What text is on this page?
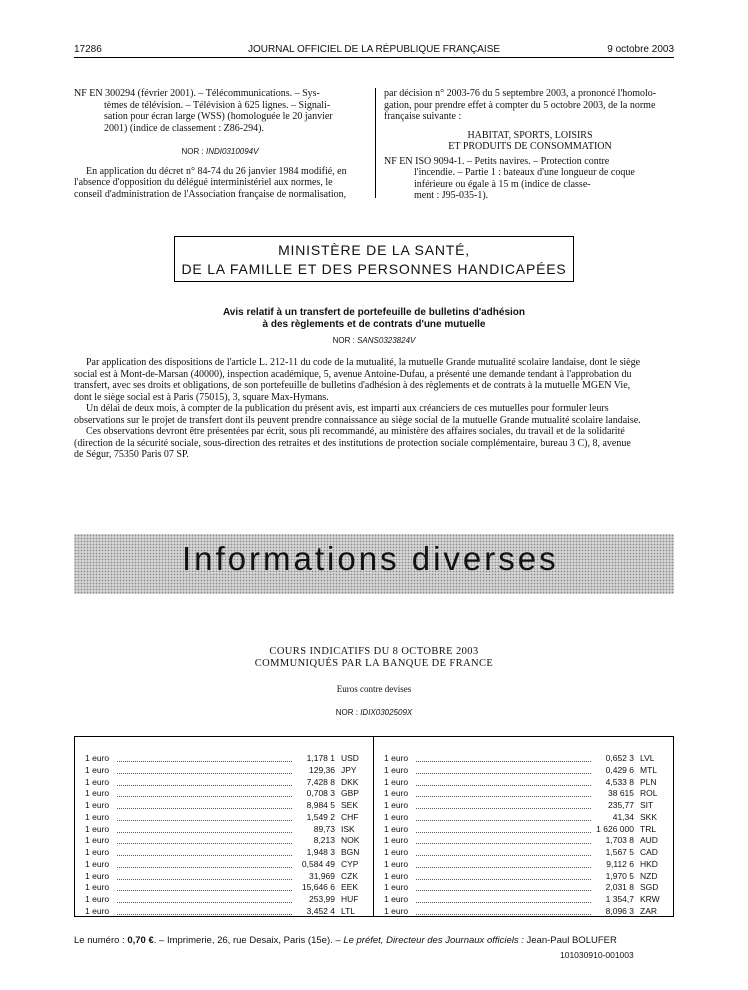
17286	JOURNAL OFFICIEL DE LA RÉPUBLIQUE FRANÇAISE	9 octobre 2003

NF EN 300294 (février 2001). – Télécommunications. – Sys-

tèmes de télévision. – Télévision à 625 lignes. – Signali-

sation pour écran large (WSS) (homologuée le 20 janvier

2001) (indice de classement : Z86-294).

NOR : INDI0310094V

En application du décret n° 84-74 du 26 janvier 1984 modifié, en

l'absence d'opposition du délégué interministériel aux normes, le

conseil d'administration de l'Association française de normalisation,

par décision n° 2003-76 du 5 septembre 2003, a prononcé l'homolo-

gation, pour prendre effet à compter du 5 octobre 2003, de la norme

française suivante :

HABITAT, SPORTS, LOISIRS

ET PRODUITS DE CONSOMMATION

NF EN ISO 9094-1. – Petits navires. – Protection contre

l'incendie. – Partie 1 : bateaux d'une longueur de coque

inférieure ou égale à 15 m (indice de classe-

ment : J95-035-1).

MINISTÈRE DE LA SANTÉ,
DE LA FAMILLE ET DES PERSONNES HANDICAPÉES
Avis relatif à un transfert de portefeuille de bulletins d'adhésion
à des règlements et de contrats d'une mutuelle
NOR : SANS0323824V

Par application des dispositions de l'article L. 212-11 du code de la mutualité, la mutuelle Grande mutualité scolaire landaise, dont le siège

social est à Mont-de-Marsan (40000), inspection académique, 5, avenue Antoine-Dufau, a présenté une demande tendant à l'approbation du

transfert, avec ses droits et obligations, de son portefeuille de bulletins d'adhésion à des règlements et de contrats à la mutuelle MGEN Vie,

dont le siège social est à Paris (75015), 3, square Max-Hymans.

Un délai de deux mois, à compter de la publication du présent avis, est imparti aux créanciers de ces mutuelles pour formuler leurs

observations sur le projet de transfert dont ils peuvent prendre connaissance au siège social de la mutuelle Grande mutualité scolaire landaise.

Ces observations devront être présentées par écrit, sous pli recommandé, au ministère des affaires sociales, du travail et de la solidarité

(direction de la sécurité sociale, sous-direction des retraites et des institutions de protection sociale complémentaire, bureau 3 C), 8, avenue

de Ségur, 75350 Paris 07 SP.

Informations diverses
COURS INDICATIFS DU 8 OCTOBRE 2003
COMMUNIQUÉS PAR LA BANQUE DE FRANCE
Euros contre devises
NOR : IDIX0302509X
1 euro	1,178 1 USD
1 euro	129,36 JPY
1 euro	7,428 8 DKK
1 euro	0,708 3 GBP
1 euro	8,984 5 SEK
1 euro	1,549 2 CHF
1 euro	89,73 ISK
1 euro	8,213 NOK
1 euro	1,948 3 BGN
1 euro	0,584 49 CYP
1 euro	31,969 CZK
1 euro	15,646 6 EEK
1 euro	253,99 HUF
1 euro	3,452 4 LTL
1 euro	0,652 3 LVL
1 euro	0,429 6 MTL
1 euro	4,533 8 PLN
1 euro	38 615 ROL
1 euro	235,77 SIT
1 euro	41,34 SKK
1 euro	1 626 000 TRL
1 euro	1,703 8 AUD
1 euro	1,567 5 CAD
1 euro	9,112 6 HKD
1 euro	1,970 5 NZD
1 euro	2,031 8 SGD
1 euro	1 354,7 KRW
1 euro	8,096 3 ZAR
Le numéro : 0,70 €. – Imprimerie, 26, rue Desaix, Paris (15e). – Le préfet, Directeur des Journaux officiels : Jean-Paul BOLUFER
101030910-001003
